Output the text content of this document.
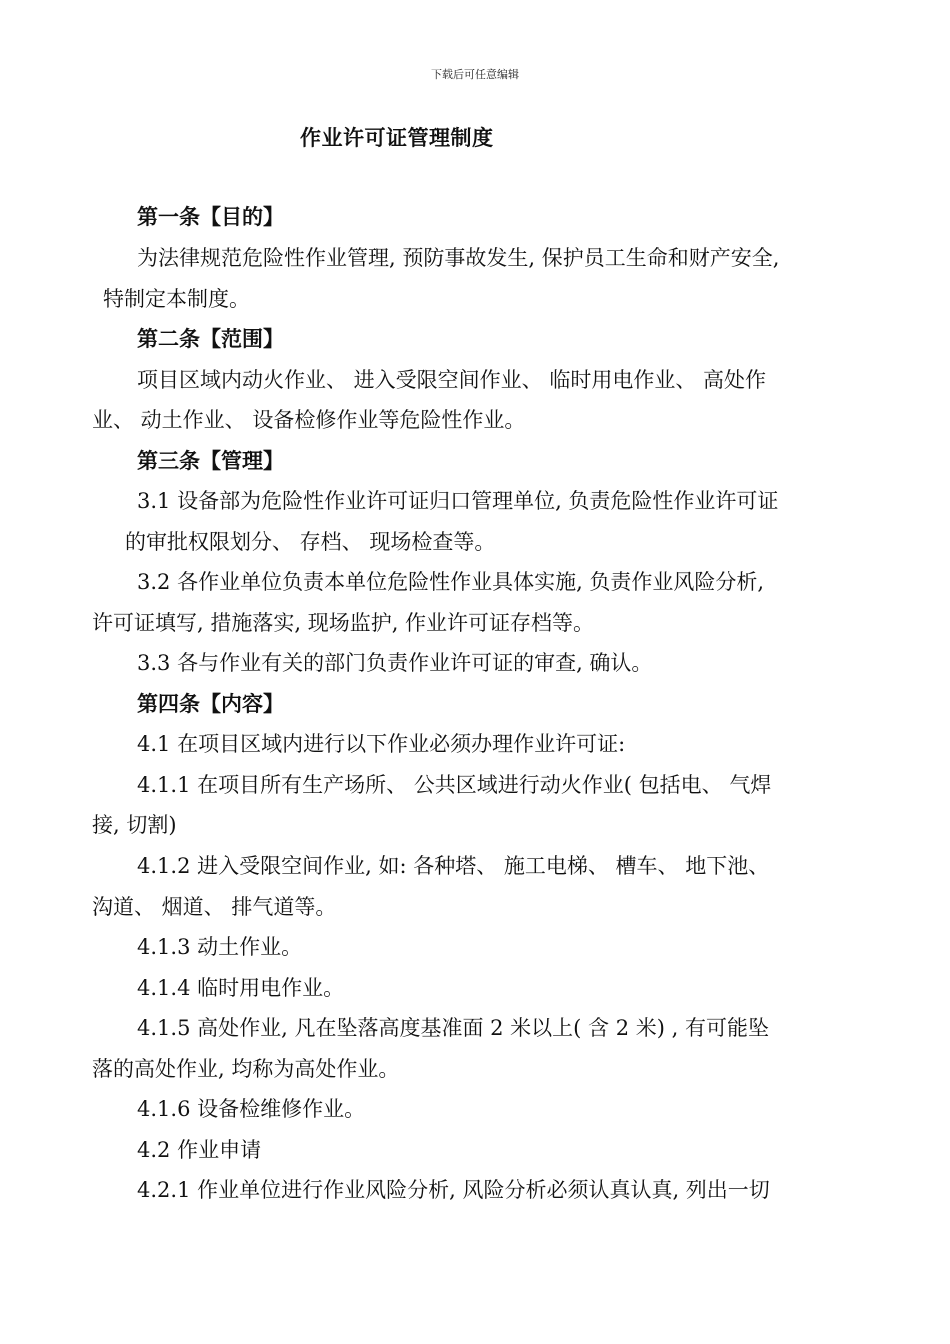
下载后可任意编辑
作业许可证管理制度
第一条【目的】
为法律规范危险性作业管理, 预防事故发生, 保护员工生命和财产安全,
特制定本制度。
第二条【范围】
项目区域内动火作业、 进入受限空间作业、 临时用电作业、 高处作
业、 动土作业、 设备检修作业等危险性作业。
第三条【管理】
3.1 设备部为危险性作业许可证归口管理单位, 负责危险性作业许可证
的审批权限划分、 存档、 现场检查等。
3.2 各作业单位负责本单位危险性作业具体实施, 负责作业风险分析,
许可证填写, 措施落实, 现场监护, 作业许可证存档等。
3.3 各与作业有关的部门负责作业许可证的审查, 确认。
第四条【内容】
4.1 在项目区域内进行以下作业必须办理作业许可证:
4.1.1 在项目所有生产场所、 公共区域进行动火作业( 包括电、 气焊
接, 切割)
4.1.2 进入受限空间作业, 如: 各种塔、 施工电梯、 槽车、 地下池、
沟道、 烟道、 排气道等。
4.1.3 动土作业。
4.1.4 临时用电作业。
4.1.5 高处作业, 凡在坠落高度基准面 2 米以上( 含 2 米) , 有可能坠
落的高处作业, 均称为高处作业。
4.1.6 设备检维修作业。
4.2 作业申请
4.2.1 作业单位进行作业风险分析, 风险分析必须认真认真, 列出一切
